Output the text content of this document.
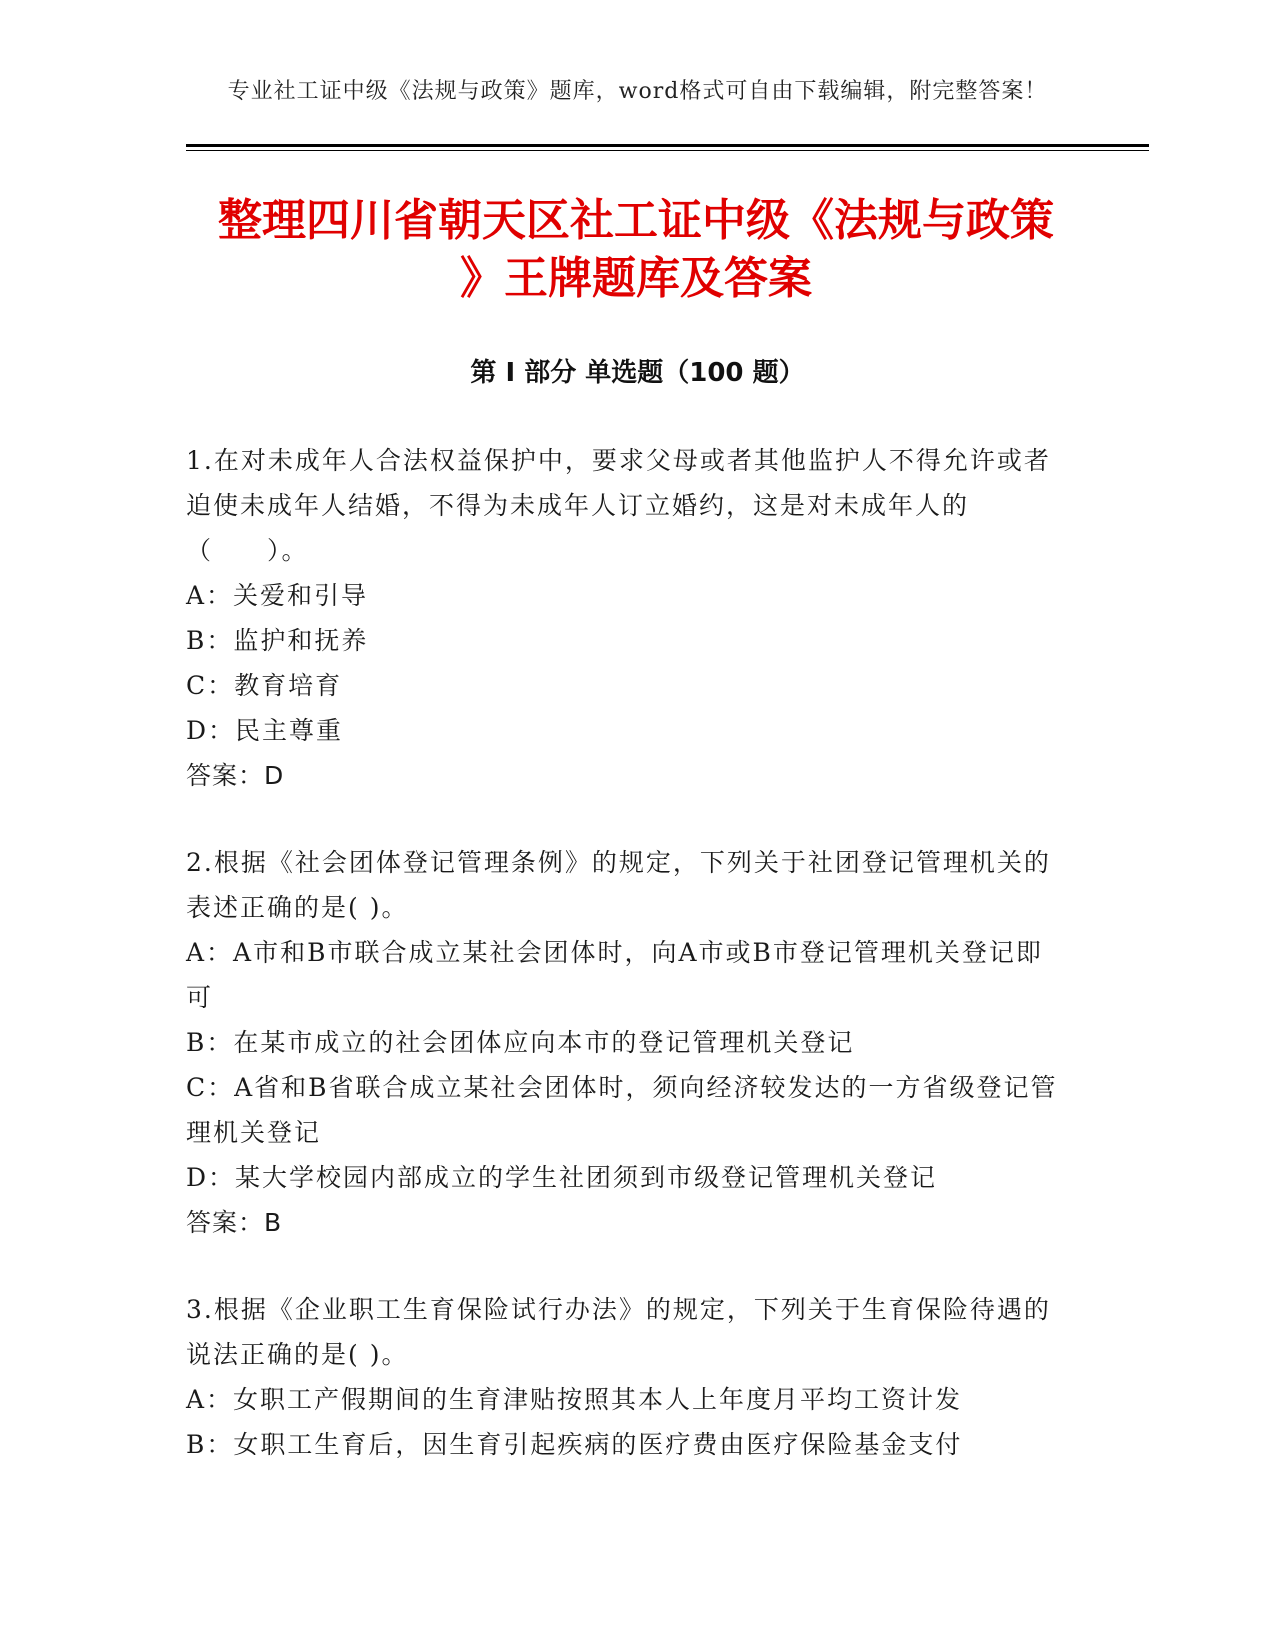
专业社工证中级《法规与政策》题库，word格式可自由下载编辑，附完整答案！
整理四川省朝天区社工证中级《法规与政策
》王牌题库及答案
第 I 部分 单选题（100 题）

1.在对未成年人合法权益保护中，要求父母或者其他监护人不得允许或者迫使未成年人结婚，不得为未成年人订立婚约，这是对未成年人的（　　）。

A：关爱和引导

B：监护和抚养

C：教育培育

D：民主尊重

答案：D

2.根据《社会团体登记管理条例》的规定，下列关于社团登记管理机关的表述正确的是( )。

A：A市和B市联合成立某社会团体时，向A市或B市登记管理机关登记即可

B：在某市成立的社会团体应向本市的登记管理机关登记

C：A省和B省联合成立某社会团体时，须向经济较发达的一方省级登记管理机关登记

D：某大学校园内部成立的学生社团须到市级登记管理机关登记

答案：B

3.根据《企业职工生育保险试行办法》的规定，下列关于生育保险待遇的说法正确的是( )。

A：女职工产假期间的生育津贴按照其本人上年度月平均工资计发

B：女职工生育后，因生育引起疾病的医疗费由医疗保险基金支付
